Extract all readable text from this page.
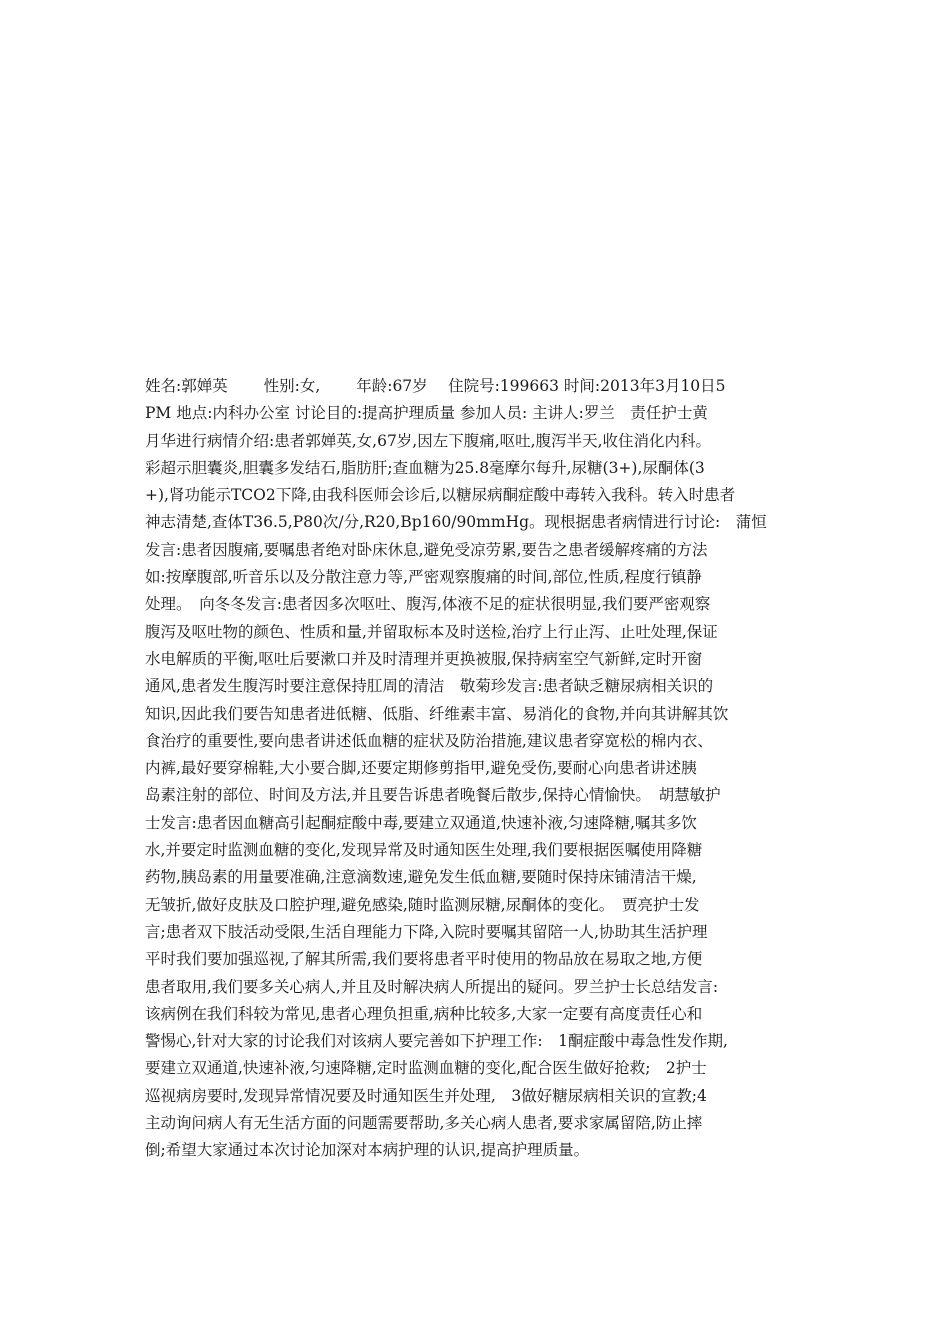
姓名:郭婵英　　 性别:女,　　 年龄:67岁　 住院号:199663 时间:2013年3月10日5
PM 地点:内科办公室 讨论目的:提高护理质量 参加人员: 主讲人:罗兰　责任护士黄
月华进行病情介绍:患者郭婵英,女,67岁,因左下腹痛,呕吐,腹泻半天,收住消化内科。
彩超示胆囊炎,胆囊多发结石,脂肪肝;查血糖为25.8毫摩尔每升,尿糖(3+),尿酮体(3
+),肾功能示TCO2下降,由我科医师会诊后,以糖尿病酮症酸中毒转入我科。转入时患者
神志清楚,查体T36.5,P80次/分,R20,Bp160/90mmHg。现根据患者病情进行讨论:　蒲恒
发言:患者因腹痛,要嘱患者绝对卧床休息,避免受凉劳累,要告之患者缓解疼痛的方法
如:按摩腹部,听音乐以及分散注意力等,严密观察腹痛的时间,部位,性质,程度行镇静
处理。　向冬冬发言:患者因多次呕吐、腹泻,体液不足的症状很明显,我们要严密观察
腹泻及呕吐物的颜色、性质和量,并留取标本及时送检,治疗上行止泻、止吐处理,保证
水电解质的平衡,呕吐后要漱口并及时清理并更换被服,保持病室空气新鲜,定时开窗
通风,患者发生腹泻时要注意保持肛周的清洁　敬菊珍发言:患者缺乏糖尿病相关识的
知识,因此我们要告知患者进低糖、低脂、纤维素丰富、易消化的食物,并向其讲解其饮
食治疗的重要性,要向患者讲述低血糖的症状及防治措施,建议患者穿宽松的棉内衣、
内裤,最好要穿棉鞋,大小要合脚,还要定期修剪指甲,避免受伤,要耐心向患者讲述胰
岛素注射的部位、时间及方法,并且要告诉患者晚餐后散步,保持心情愉快。　胡慧敏护
士发言:患者因血糖高引起酮症酸中毒,要建立双通道,快速补液,匀速降糖,嘱其多饮
水,并要定时监测血糖的变化,发现异常及时通知医生处理,我们要根据医嘱使用降糖
药物,胰岛素的用量要准确,注意滴数速,避免发生低血糖,要随时保持床铺清洁干燥,
无皱折,做好皮肤及口腔护理,避免感染,随时监测尿糖,尿酮体的变化。　贾亮护士发
言;患者双下肢活动受限,生活自理能力下降,入院时要嘱其留陪一人,协助其生活护理
平时我们要加强巡视,了解其所需,我们要将患者平时使用的物品放在易取之地,方便
患者取用,我们要多关心病人,并且及时解决病人所提出的疑问。罗兰护士长总结发言:
该病例在我们科较为常见,患者心理负担重,病种比较多,大家一定要有高度责任心和
警惕心,针对大家的讨论我们对该病人要完善如下护理工作:　1酮症酸中毒急性发作期,
要建立双通道,快速补液,匀速降糖,定时监测血糖的变化,配合医生做好抢救;　2护士
巡视病房要时,发现异常情况要及时通知医生并处理,　3做好糖尿病相关识的宣教;4
主动询问病人有无生活方面的问题需要帮助,多关心病人患者,要求家属留陪,防止摔
倒;希望大家通过本次讨论加深对本病护理的认识,提高护理质量。
